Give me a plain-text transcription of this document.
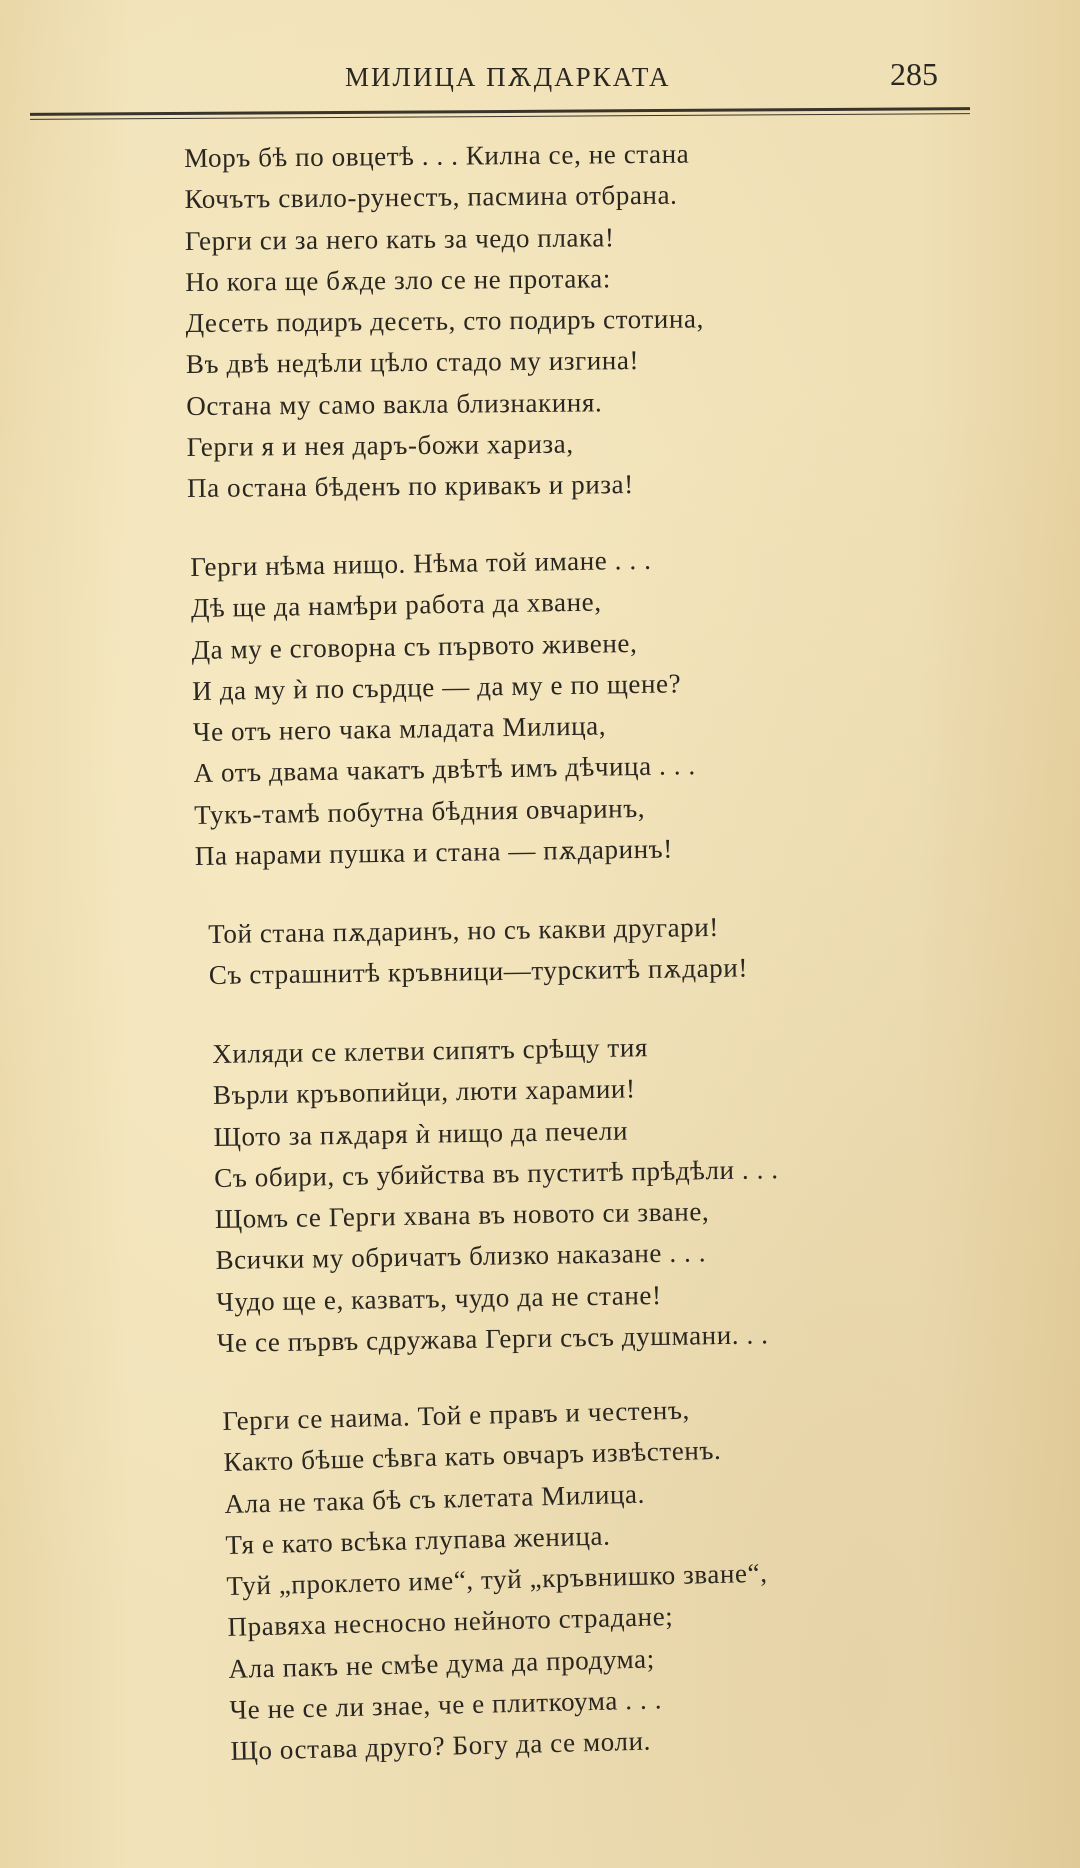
МИЛИЦА ПѪДАРКАТА	285
Моръ бѣ по овцетѣ . . . Килна се, не стана
Кочътъ свило-рунестъ, пасмина отбрана.
Герги си за него кать за чедо плака!
Но кога ще бѫде зло се не протака:
Десеть подиръ десеть, сто подиръ стотина,
Въ двѣ недѣли цѣло стадо му изгина!
Остана му само вакла близнакиня.
Герги я и нея даръ-божи хариза,
Па остана бѣденъ по кривакъ и риза!
Герги нѣма нищо. Нѣма той имане . . .
Дѣ ще да намѣри работа да хване,
Да му е сговорна съ първото живене,
И да му ѝ по сърдце — да му е по щене?
Че отъ него чака младата Милица,
А отъ двама чакатъ двѣтѣ имъ дѣчица . . .
Тукъ-тамѣ побутна бѣдния овчаринъ,
Па нарами пушка и стана — пѫдаринъ!
Той стана пѫдаринъ, но съ какви другари!
Съ страшнитѣ кръвници—турскитѣ пѫдари!
Хиляди се клетви сипятъ срѣщу тия
Върли кръвопийци, люти харамии!
Щото за пѫдаря ѝ нищо да печели
Съ обири, съ убийства въ пуститѣ прѣдѣли . . .
Щомъ се Герги хвана въ новото си зване,
Всички му обричатъ близко наказане . . .
Чудо ще е, казватъ, чудо да не стане!
Че се първъ сдружава Герги съсъ душмани. . .
Герги се наима. Той е правъ и честенъ,
Както бѣше сѣвга кать овчаръ извѣстенъ.
Ала не така бѣ съ клетата Милица.
Тя е като всѣка глупава женица.
Туй „проклето име“, туй „кръвнишко зване“,
Правяха несносно нейното страдане;
Ала пакъ не смѣе дума да продума;
Че не се ли знае, че е плиткоума . . .
Що остава друго? Богу да се моли.
